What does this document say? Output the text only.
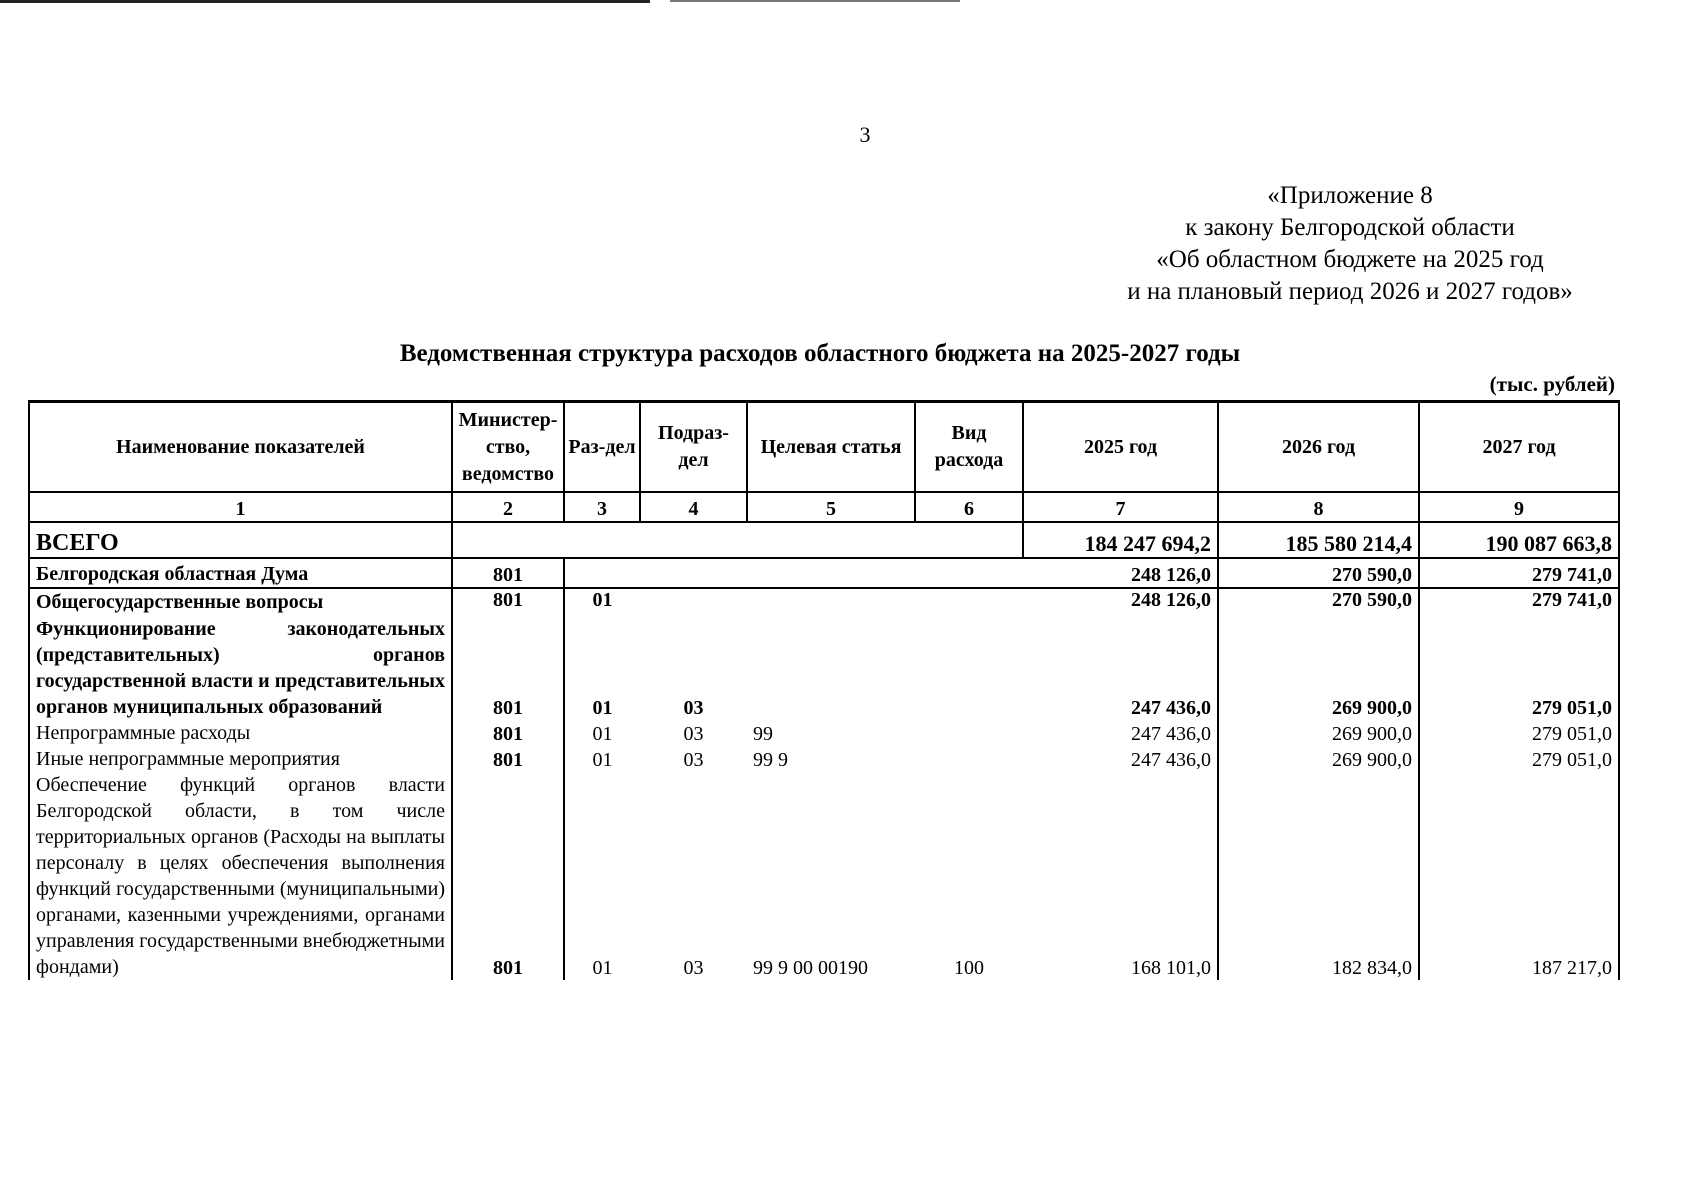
3
«Приложение 8
к закону Белгородской области
«Об областном бюджете на 2025 год
и на плановый период 2026 и 2027 годов»
Ведомственная структура расходов областного бюджета на 2025-2027 годы
(тыс. рублей)
Наименование показателей	Министер-ство, ведомство	Раз-дел	Подраз-дел	Целевая статья	Вид расхода	2025 год	2026 год	2027 год
1	2	3	4	5	6	7	8	9
ВСЕГО						184 247 694,2	185 580 214,4	190 087 663,8
Белгородская областная Дума	801					248 126,0	270 590,0	279 741,0
Общегосударственные вопросы	801	01				248 126,0	270 590,0	279 741,0
Функционирование законодательных (представительных) органов государственной власти и представительных органов муниципальных образований	801	01	03			247 436,0	269 900,0	279 051,0
Непрограммные расходы	801	01	03	99		247 436,0	269 900,0	279 051,0
Иные непрограммные мероприятия	801	01	03	99 9		247 436,0	269 900,0	279 051,0
Обеспечение функций органов власти Белгородской области, в том числе территориальных органов (Расходы на выплаты персоналу в целях обеспечения выполнения функций государственными (муниципальными) органами, казенными учреждениями, органами управления государственными внебюджетными фондами)	801	01	03	99 9 00 00190	100	168 101,0	182 834,0	187 217,0
